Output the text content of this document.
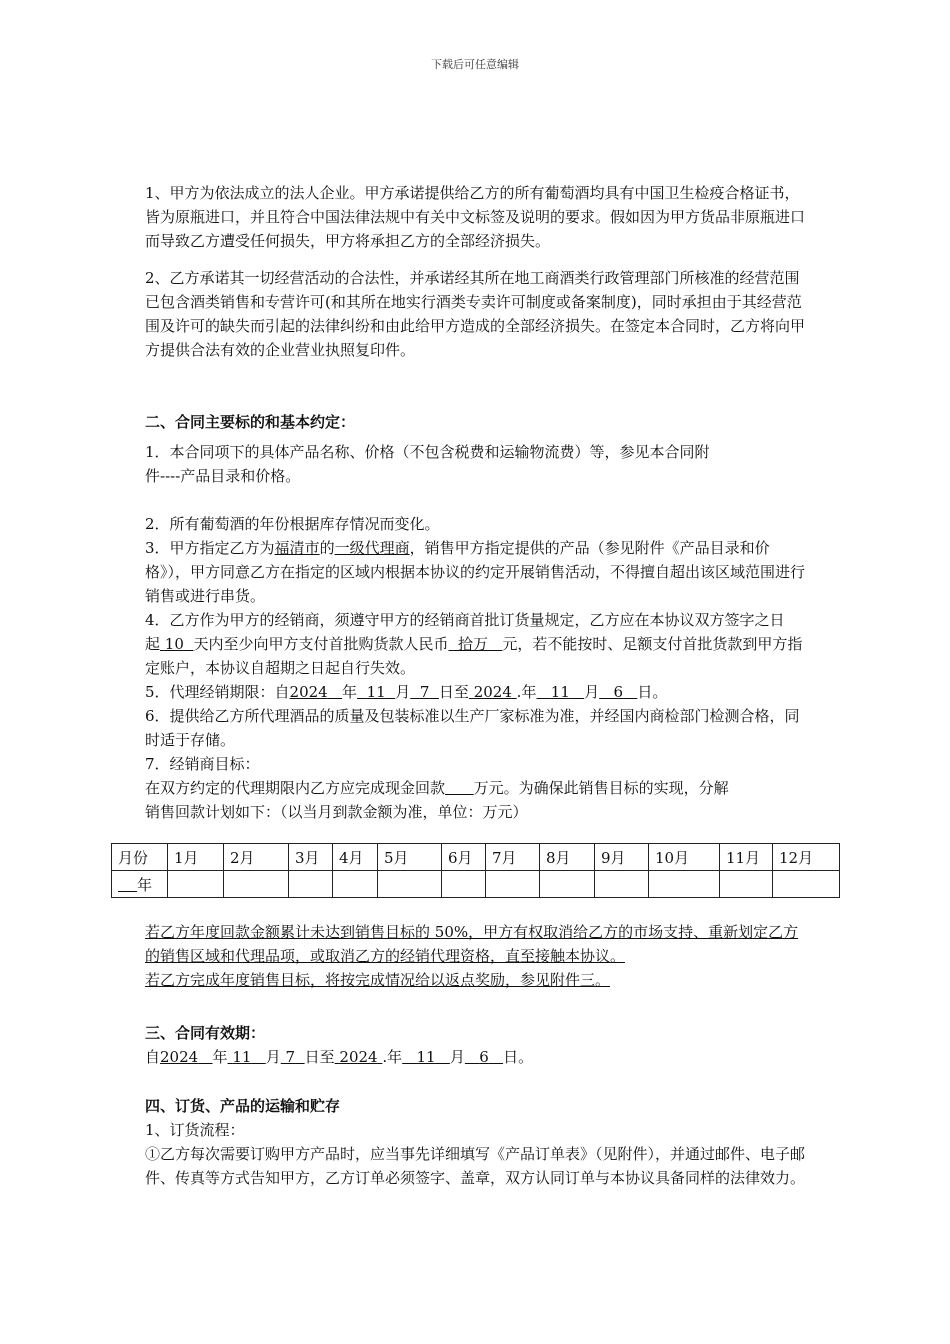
下载后可任意编辑

1、甲方为依法成立的法人企业。甲方承诺提供给乙方的所有葡萄酒均具有中国卫生检疫合格证书，皆为原瓶进口，并且符合中国法律法规中有关中文标签及说明的要求。假如因为甲方货品非原瓶进口而导致乙方遭受任何损失，甲方将承担乙方的全部经济损失。

2、乙方承诺其一切经营活动的合法性，并承诺经其所在地工商酒类行政管理部门所核准的经营范围已包含酒类销售和专营许可(和其所在地实行酒类专卖许可制度或备案制度)，同时承担由于其经营范围及许可的缺失而引起的法律纠纷和由此给甲方造成的全部经济损失。在签定本合同时，乙方将向甲方提供合法有效的企业营业执照复印件。

二、合同主要标的和基本约定：
1．本合同项下的具体产品名称、价格（不包含税费和运输物流费）等，参见本合同附
件----产品目录和价格。
2．所有葡萄酒的年份根据库存情况而变化。
3．甲方指定乙方为福清市的一级代理商，销售甲方指定提供的产品（参见附件《产品目录和价格》），甲方同意乙方在指定的区域内根据本协议的约定开展销售活动，不得擅自超出该区域范围进行销售或进行串货。
4．乙方作为甲方的经销商，须遵守甲方的经销商首批订货量规定，乙方应在本协议双方签字之日起 10 天内至少向甲方支付首批购货款人民币 拾万 元，若不能按时、足额支付首批货款到甲方指定账户，本协议自超期之日起自行失效。
5．代理经销期限：自2024 年 11 月 7 日至 2024 .年 11 月 6 日。
6．提供给乙方所代理酒品的质量及包装标准以生产厂家标准为准，并经国内商检部门检测合格，同时适于存储。
7．经销商目标：
在双方约定的代理期限内乙方应完成现金回款 万元。为确保此销售目标的实现，分解
销售回款计划如下：（以当月到款金额为准，单位：万元）
月份	1月	2月	3月	4月	5月	6月	7月	8月	9月	10月	11月	12月
年												
若乙方年度回款金额累计未达到销售目标的 50%，甲方有权取消给乙方的市场支持、重新划定乙方的销售区域和代理品项，或取消乙方的经销代理资格，直至接触本协议。
若乙方完成年度销售目标，将按完成情况给以返点奖励，参见附件三。
三、合同有效期：
自2024 年 11 月 7 日至 2024 .年 11 月 6 日。
四、订货、产品的运输和贮存
1、订货流程：
①乙方每次需要订购甲方产品时，应当事先详细填写《产品订单表》（见附件），并通过邮件、电子邮件、传真等方式告知甲方，乙方订单必须签字、盖章，双方认同订单与本协议具备同样的法律效力。
